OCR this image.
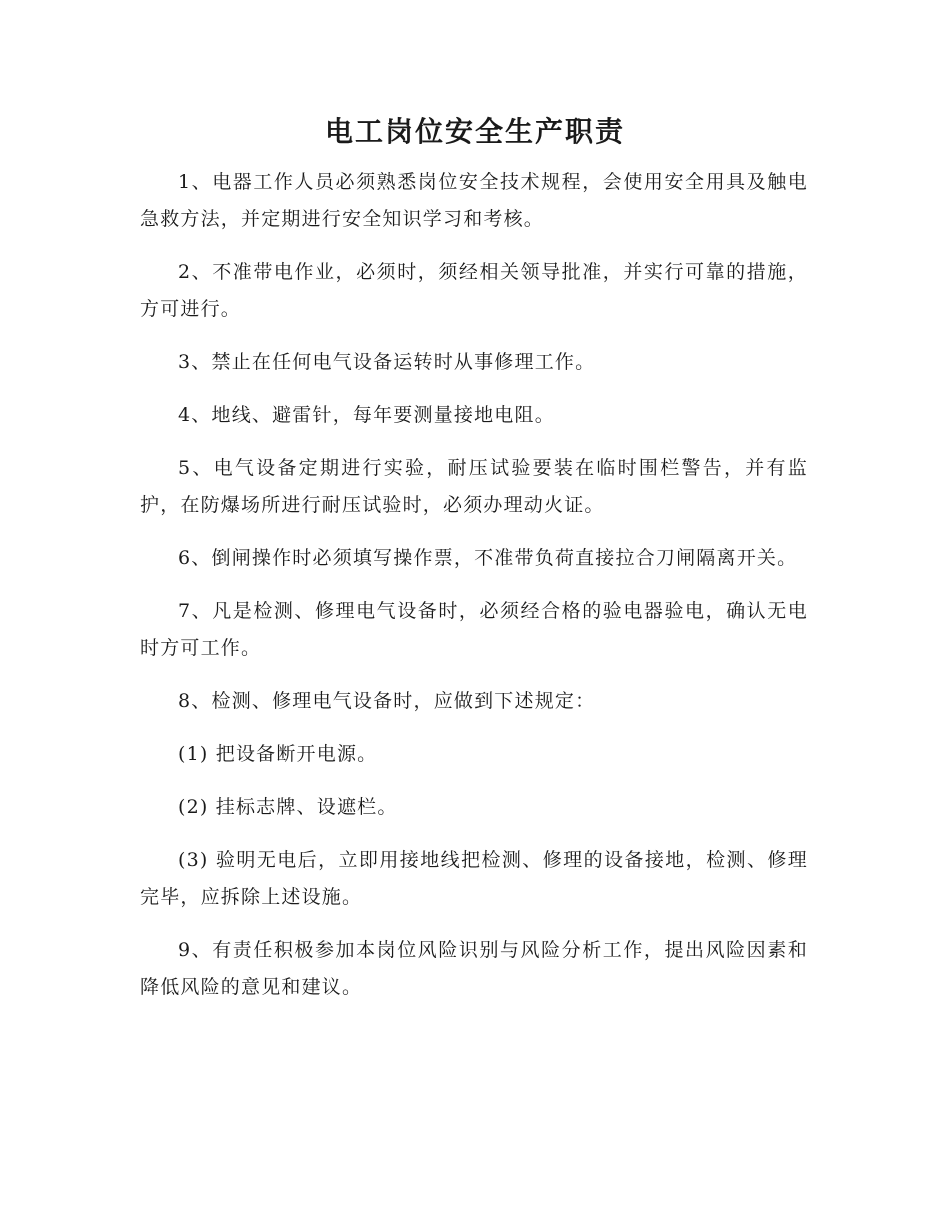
电工岗位安全生产职责

1、电器工作人员必须熟悉岗位安全技术规程，会使用安全用具及触电急救方法，并定期进行安全知识学习和考核。

2、不准带电作业，必须时，须经相关领导批准，并实行可靠的措施，方可进行。

3、禁止在任何电气设备运转时从事修理工作。

4、地线、避雷针，每年要测量接地电阻。

5、电气设备定期进行实验，耐压试验要装在临时围栏警告，并有监护，在防爆场所进行耐压试验时，必须办理动火证。

6、倒闸操作时必须填写操作票，不准带负荷直接拉合刀闸隔离开关。

7、凡是检测、修理电气设备时，必须经合格的验电器验电，确认无电时方可工作。

8、检测、修理电气设备时，应做到下述规定：

(1) 把设备断开电源。

(2) 挂标志牌、设遮栏。

(3) 验明无电后，立即用接地线把检测、修理的设备接地，检测、修理完毕，应拆除上述设施。

9、有责任积极参加本岗位风险识别与风险分析工作，提出风险因素和降低风险的意见和建议。
